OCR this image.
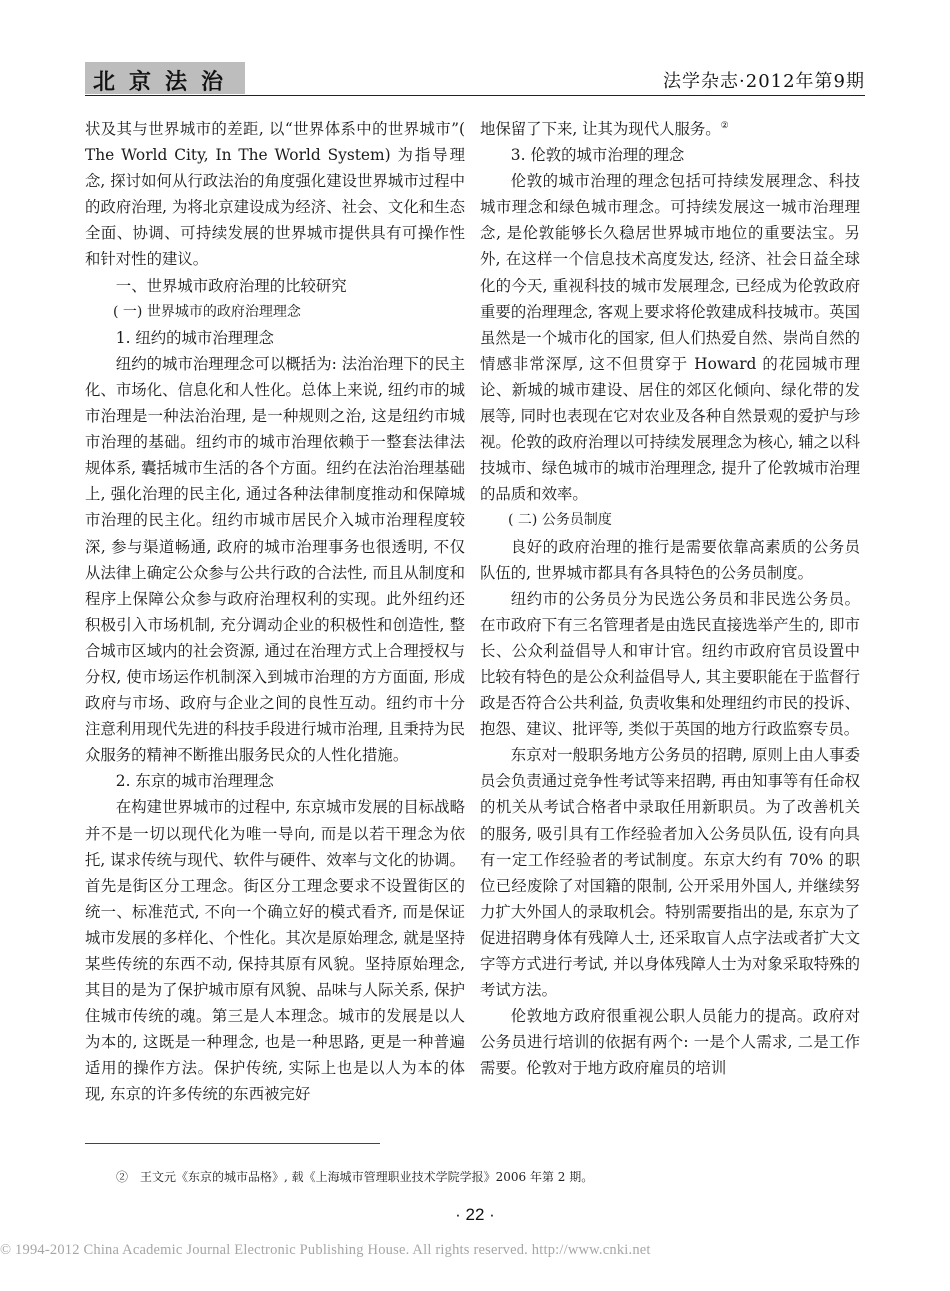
北京法治	法学杂志·2012年第9期

状及其与世界城市的差距, 以“世界体系中的世界城市”( The World City, In The World System) 为指导理念, 探讨如何从行政法治的角度强化建设世界城市过程中的政府治理, 为将北京建设成为经济、社会、文化和生态全面、协调、可持续发展的世界城市提供具有可操作性和针对性的建议。

一、世界城市政府治理的比较研究

( 一) 世界城市的政府治理理念

1. 纽约的城市治理理念

纽约的城市治理理念可以概括为: 法治治理下的民主化、市场化、信息化和人性化。总体上来说, 纽约市的城市治理是一种法治治理, 是一种规则之治, 这是纽约市城市治理的基础。纽约市的城市治理依赖于一整套法律法规体系, 囊括城市生活的各个方面。纽约在法治治理基础上, 强化治理的民主化, 通过各种法律制度推动和保障城市治理的民主化。纽约市城市居民介入城市治理程度较深, 参与渠道畅通, 政府的城市治理事务也很透明, 不仅从法律上确定公众参与公共行政的合法性, 而且从制度和程序上保障公众参与政府治理权利的实现。此外纽约还积极引入市场机制, 充分调动企业的积极性和创造性, 整合城市区域内的社会资源, 通过在治理方式上合理授权与分权, 使市场运作机制深入到城市治理的方方面面, 形成政府与市场、政府与企业之间的良性互动。纽约市十分注意利用现代先进的科技手段进行城市治理, 且秉持为民众服务的精神不断推出服务民众的人性化措施。

2. 东京的城市治理理念

在构建世界城市的过程中, 东京城市发展的目标战略并不是一切以现代化为唯一导向, 而是以若干理念为依托, 谋求传统与现代、软件与硬件、效率与文化的协调。首先是街区分工理念。街区分工理念要求不设置街区的统一、标准范式, 不向一个确立好的模式看齐, 而是保证城市发展的多样化、个性化。其次是原始理念, 就是坚持某些传统的东西不动, 保持其原有风貌。坚持原始理念, 其目的是为了保护城市原有风貌、品味与人际关系, 保护住城市传统的魂。第三是人本理念。城市的发展是以人为本的, 这既是一种理念, 也是一种思路, 更是一种普遍适用的操作方法。保护传统, 实际上也是以人为本的体现, 东京的许多传统的东西被完好

地保留了下来, 让其为现代人服务。②

3. 伦敦的城市治理的理念

伦敦的城市治理的理念包括可持续发展理念、科技城市理念和绿色城市理念。可持续发展这一城市治理理念, 是伦敦能够长久稳居世界城市地位的重要法宝。另外, 在这样一个信息技术高度发达, 经济、社会日益全球化的今天, 重视科技的城市发展理念, 已经成为伦敦政府重要的治理理念, 客观上要求将伦敦建成科技城市。英国虽然是一个城市化的国家, 但人们热爱自然、崇尚自然的情感非常深厚, 这不但贯穿于 Howard 的花园城市理论、新城的城市建设、居住的郊区化倾向、绿化带的发展等, 同时也表现在它对农业及各种自然景观的爱护与珍视。伦敦的政府治理以可持续发展理念为核心, 辅之以科技城市、绿色城市的城市治理理念, 提升了伦敦城市治理的品质和效率。

( 二) 公务员制度

良好的政府治理的推行是需要依靠高素质的公务员队伍的, 世界城市都具有各具特色的公务员制度。

纽约市的公务员分为民选公务员和非民选公务员。在市政府下有三名管理者是由选民直接选举产生的, 即市长、公众利益倡导人和审计官。纽约市政府官员设置中比较有特色的是公众利益倡导人, 其主要职能在于监督行政是否符合公共利益, 负责收集和处理纽约市民的投诉、抱怨、建议、批评等, 类似于英国的地方行政监察专员。

东京对一般职务地方公务员的招聘, 原则上由人事委员会负责通过竞争性考试等来招聘, 再由知事等有任命权的机关从考试合格者中录取任用新职员。为了改善机关的服务, 吸引具有工作经验者加入公务员队伍, 设有向具有一定工作经验者的考试制度。东京大约有 70% 的职位已经废除了对国籍的限制, 公开采用外国人, 并继续努力扩大外国人的录取机会。特别需要指出的是, 东京为了促进招聘身体有残障人士, 还采取盲人点字法或者扩大文字等方式进行考试, 并以身体残障人士为对象采取特殊的考试方法。

伦敦地方政府很重视公职人员能力的提高。政府对公务员进行培训的依据有两个: 一是个人需求, 二是工作需要。伦敦对于地方政府雇员的培训

②　王文元《东京的城市品格》, 载《上海城市管理职业技术学院学报》2006 年第 2 期。
· 22 ·
© 1994-2012 China Academic Journal Electronic Publishing House. All rights reserved. http://www.cnki.net
